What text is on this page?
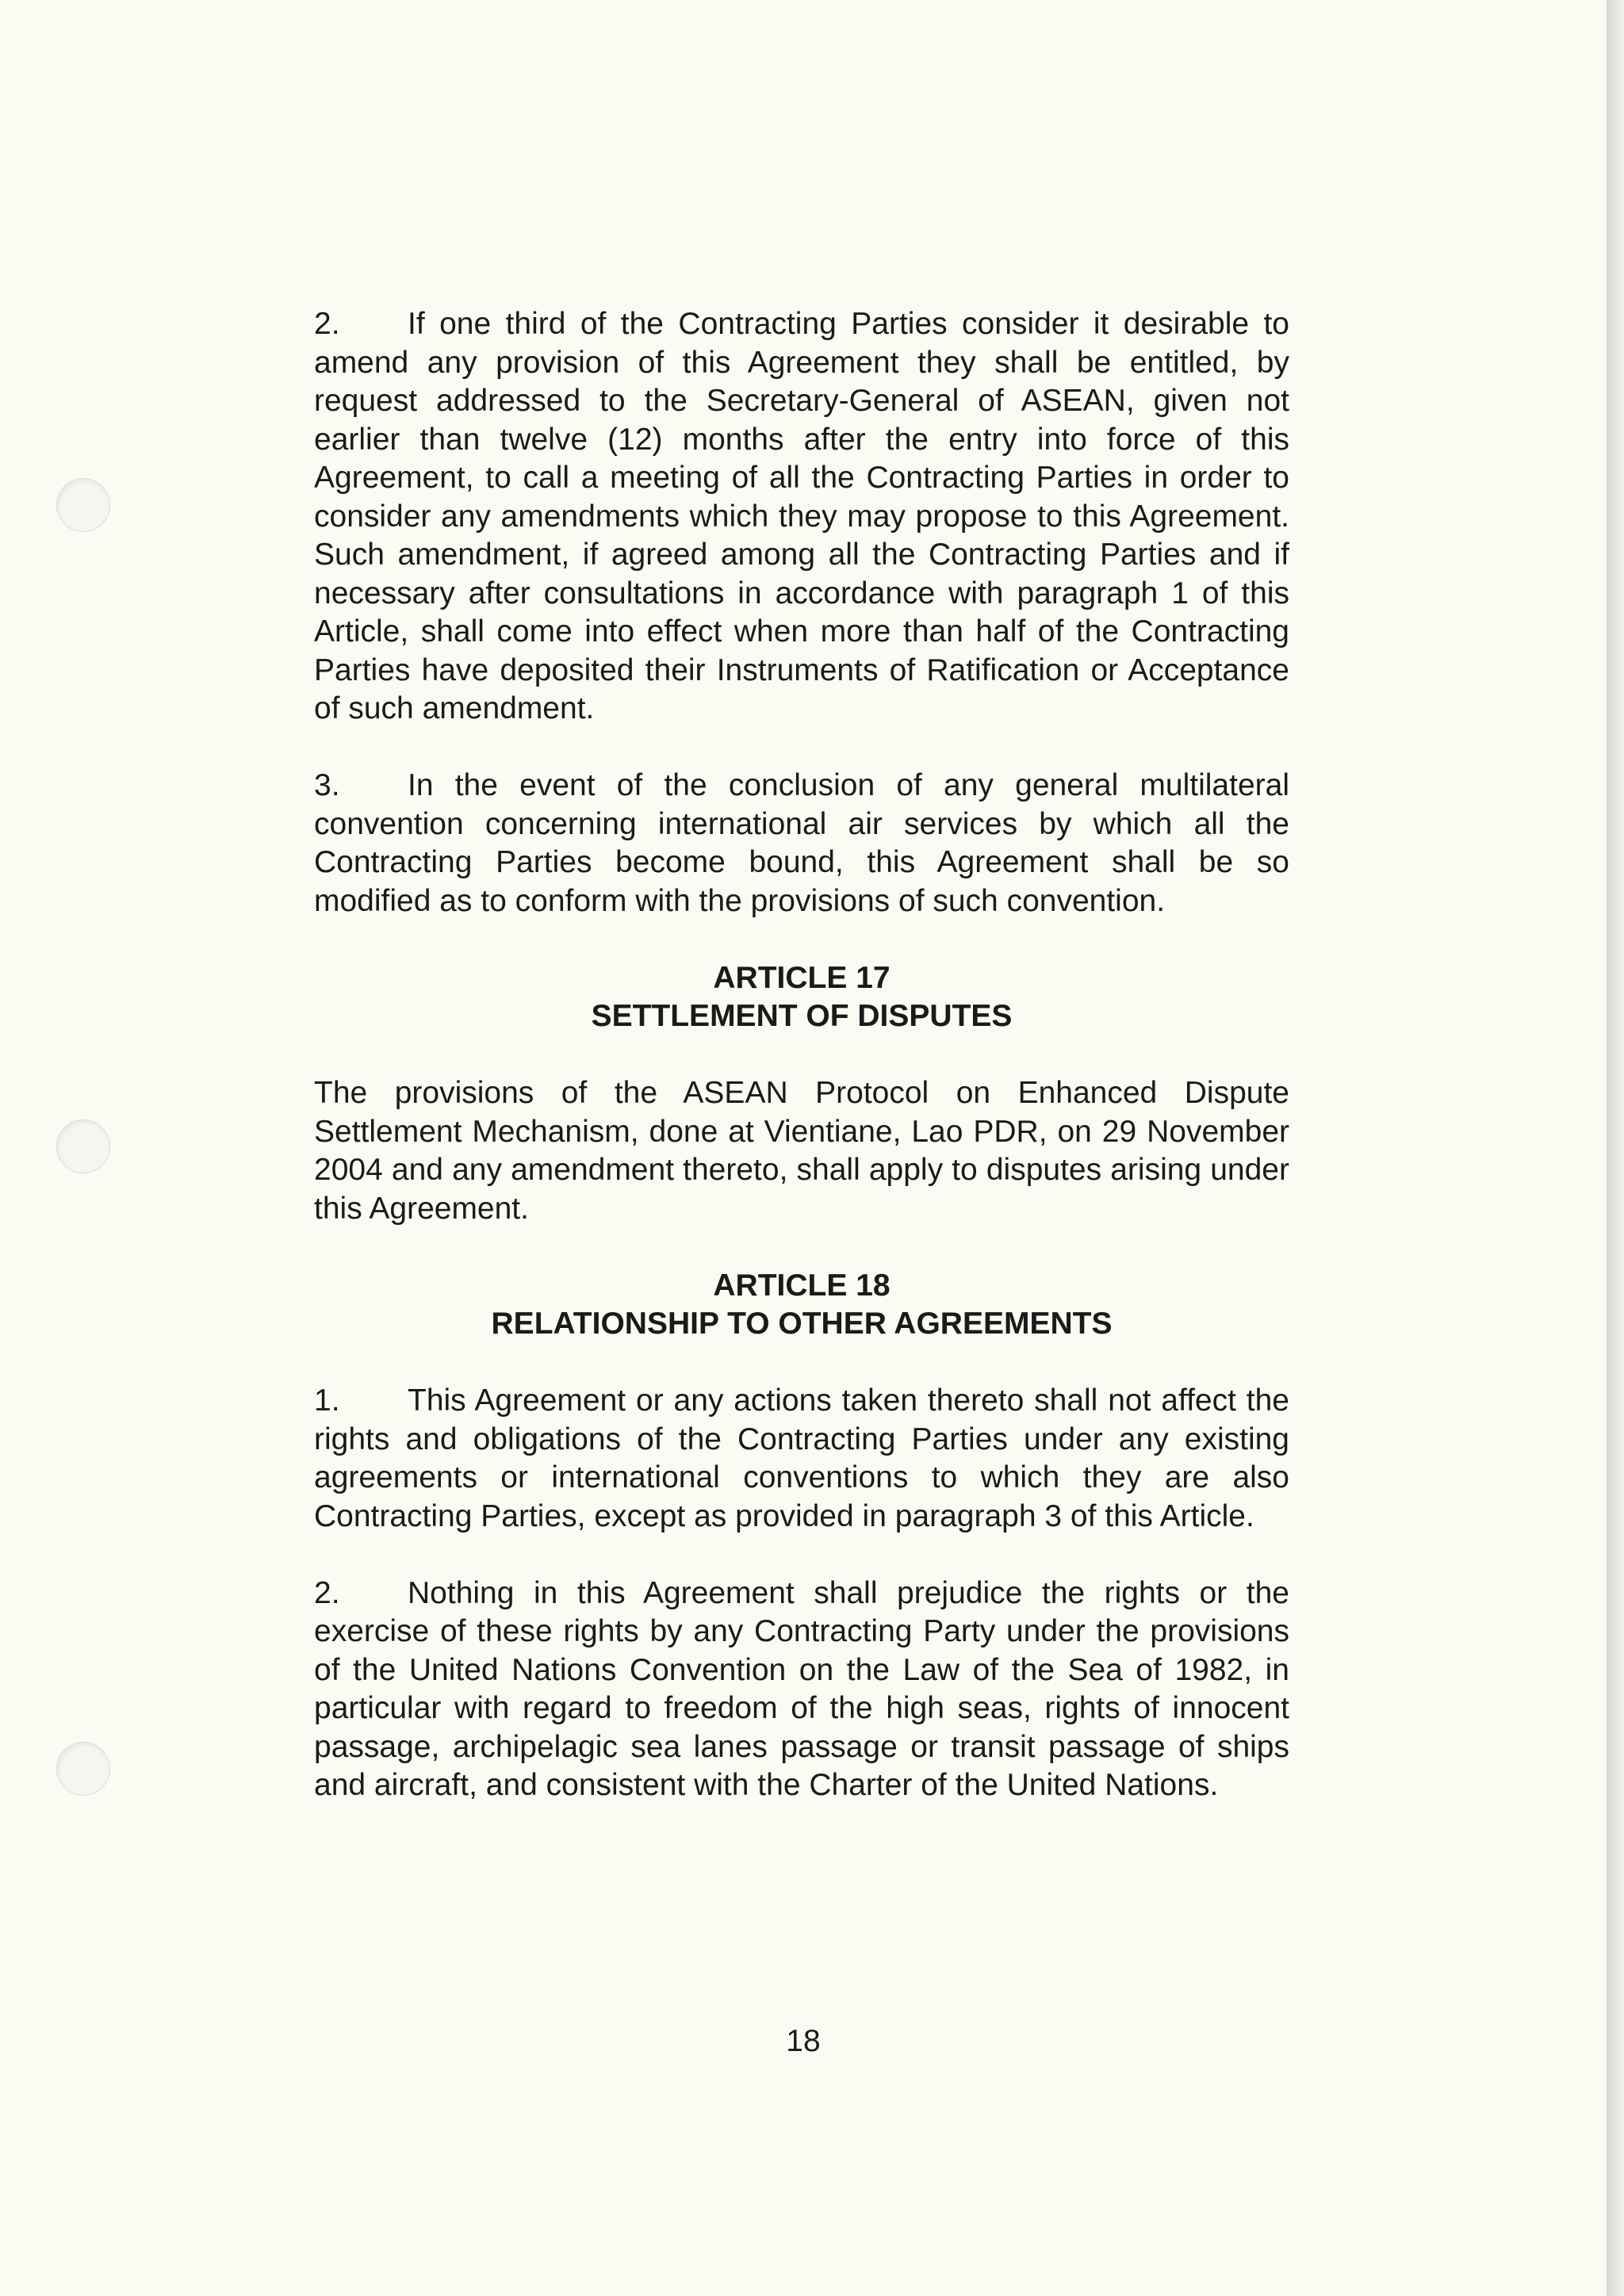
2. If one third of the Contracting Parties consider it desirable to amend any provision of this Agreement they shall be entitled, by request addressed to the Secretary-General of ASEAN, given not earlier than twelve (12) months after the entry into force of this Agreement, to call a meeting of all the Contracting Parties in order to consider any amendments which they may propose to this Agreement. Such amendment, if agreed among all the Contracting Parties and if necessary after consultations in accordance with paragraph 1 of this Article, shall come into effect when more than half of the Contracting Parties have deposited their Instruments of Ratification or Acceptance of such amendment.

3. In the event of the conclusion of any general multilateral convention concerning international air services by which all the Contracting Parties become bound, this Agreement shall be so modified as to conform with the provisions of such convention.

ARTICLE 17
SETTLEMENT OF DISPUTES

The provisions of the ASEAN Protocol on Enhanced Dispute Settlement Mechanism, done at Vientiane, Lao PDR, on 29 November 2004 and any amendment thereto, shall apply to disputes arising under this Agreement.

ARTICLE 18
RELATIONSHIP TO OTHER AGREEMENTS

1. This Agreement or any actions taken thereto shall not affect the rights and obligations of the Contracting Parties under any existing agreements or international conventions to which they are also Contracting Parties, except as provided in paragraph 3 of this Article.

2. Nothing in this Agreement shall prejudice the rights or the exercise of these rights by any Contracting Party under the provisions of the United Nations Convention on the Law of the Sea of 1982, in particular with regard to freedom of the high seas, rights of innocent passage, archipelagic sea lanes passage or transit passage of ships and aircraft, and consistent with the Charter of the United Nations.

18
